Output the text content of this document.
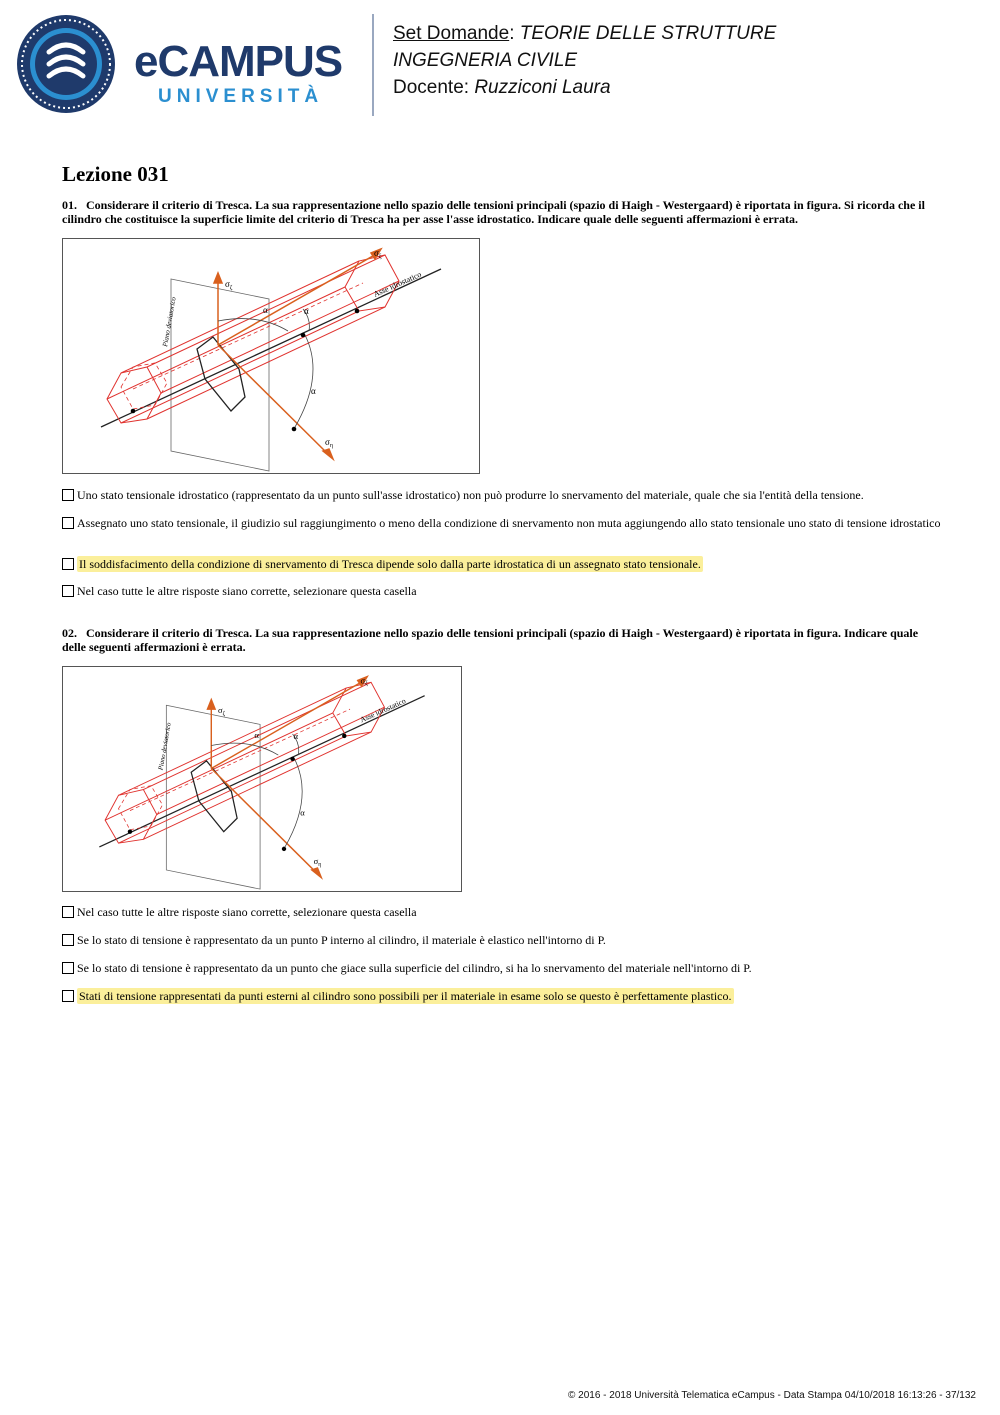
eCAMPUS
UNIVERSITÀ
Set Domande: TEORIE DELLE STRUTTURE
INGEGNERIA CIVILE
Docente: Ruzziconi Laura
Lezione 031
01. Considerare il criterio di Tresca. La sua rappresentazione nello spazio delle tensioni principali (spazio di Haigh - Westergaard) è riportata in figura. Si ricorda che il cilindro che costituisce la superficie limite del criterio di Tresca ha per asse l'asse idrostatico. Indicare quale delle seguenti affermazioni è errata.
$\sigma_\xi$
$\sigma_\zeta$
$\sigma_\eta$
α	α
α
Asse idrostatico
Piano deviatorico
Uno stato tensionale idrostatico (rappresentato da un punto sull'asse idrostatico) non può produrre lo snervamento del materiale, quale che sia l'entità della tensione.
Assegnato uno stato tensionale, il giudizio sul raggiungimento o meno della condizione di snervamento non muta aggiungendo allo stato tensionale uno stato di tensione idrostatico
Il soddisfacimento della condizione di snervamento di Tresca dipende solo dalla parte idrostatica di un assegnato stato tensionale.
Nel caso tutte le altre risposte siano corrette, selezionare questa casella
02. Considerare il criterio di Tresca. La sua rappresentazione nello spazio delle tensioni principali (spazio di Haigh - Westergaard) è riportata in figura. Indicare quale delle seguenti affermazioni è errata.
$\sigma_\xi$
$\sigma_\zeta$
$\sigma_\eta$
α	α
α
Asse idrostatico
Piano deviatorico
Nel caso tutte le altre risposte siano corrette, selezionare questa casella
Se lo stato di tensione è rappresentato da un punto P interno al cilindro, il materiale è elastico nell'intorno di P.
Se lo stato di tensione è rappresentato da un punto che giace sulla superficie del cilindro, si ha lo snervamento del materiale nell'intorno di P.
Stati di tensione rappresentati da punti esterni al cilindro sono possibili per il materiale in esame solo se questo è perfettamente plastico.
© 2016 - 2018 Università Telematica eCampus - Data Stampa 04/10/2018 16:13:26 - 37/132
